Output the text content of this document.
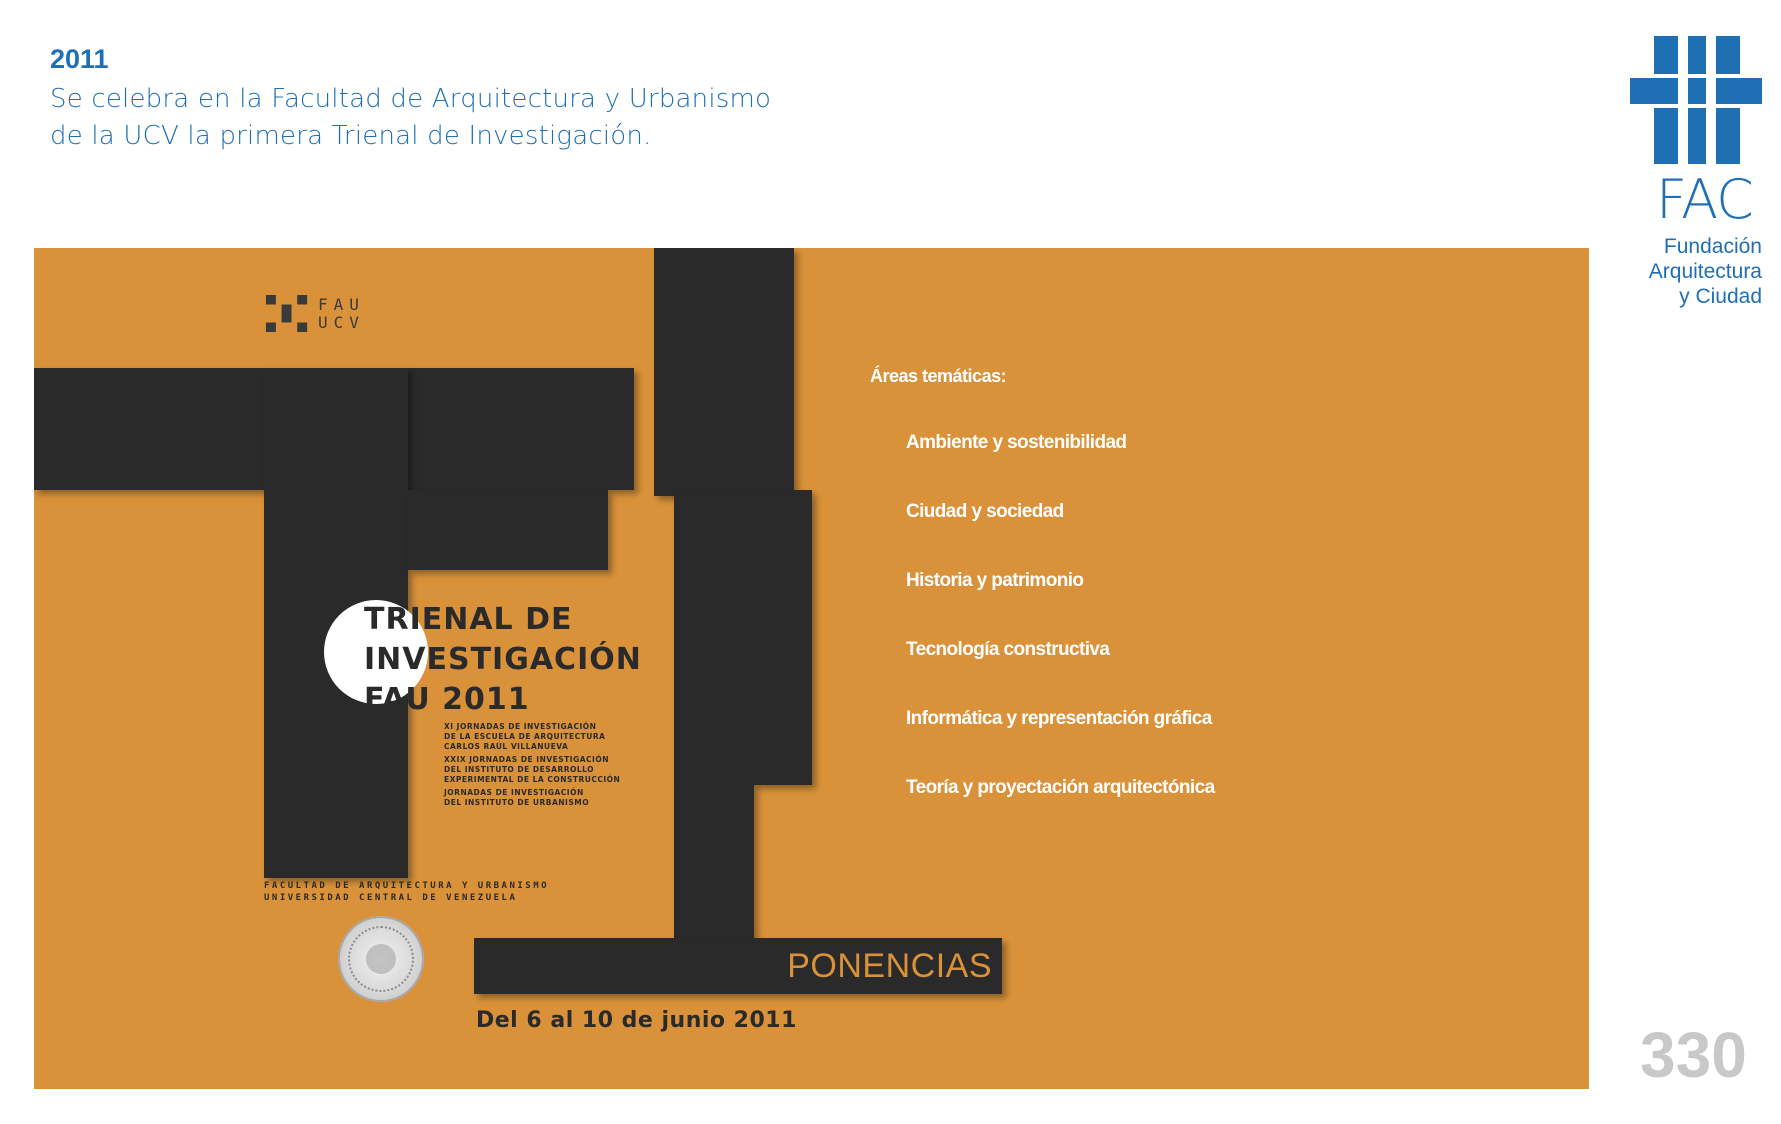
2011
Se celebra en la Facultad de Arquitectura y Urbanismo
de la UCV la primera Trienal de Investigación.
FAC
Fundación
Arquitectura
y Ciudad
330
▀▄▀ FAU
▄▀▄ UCV
TRIENAL DE
INVESTIGACIÓN
FAU 2011
XI JORNADAS DE INVESTIGACIÓN
DE LA ESCUELA DE ARQUITECTURA
CARLOS RAÚL VILLANUEVA
XXIX JORNADAS DE INVESTIGACIÓN
DEL INSTITUTO DE DESARROLLO
EXPERIMENTAL DE LA CONSTRUCCIÓN
JORNADAS DE INVESTIGACIÓN
DEL INSTITUTO DE URBANISMO
FACULTAD DE ARQUITECTURA Y URBANISMO
UNIVERSIDAD CENTRAL DE VENEZUELA
PONENCIAS
Del 6 al 10 de junio 2011
Áreas temáticas:
Ambiente y sostenibilidad
Ciudad y sociedad
Historia y patrimonio
Tecnología constructiva
Informática y representación gráfica
Teoría y proyectación arquitectónica
